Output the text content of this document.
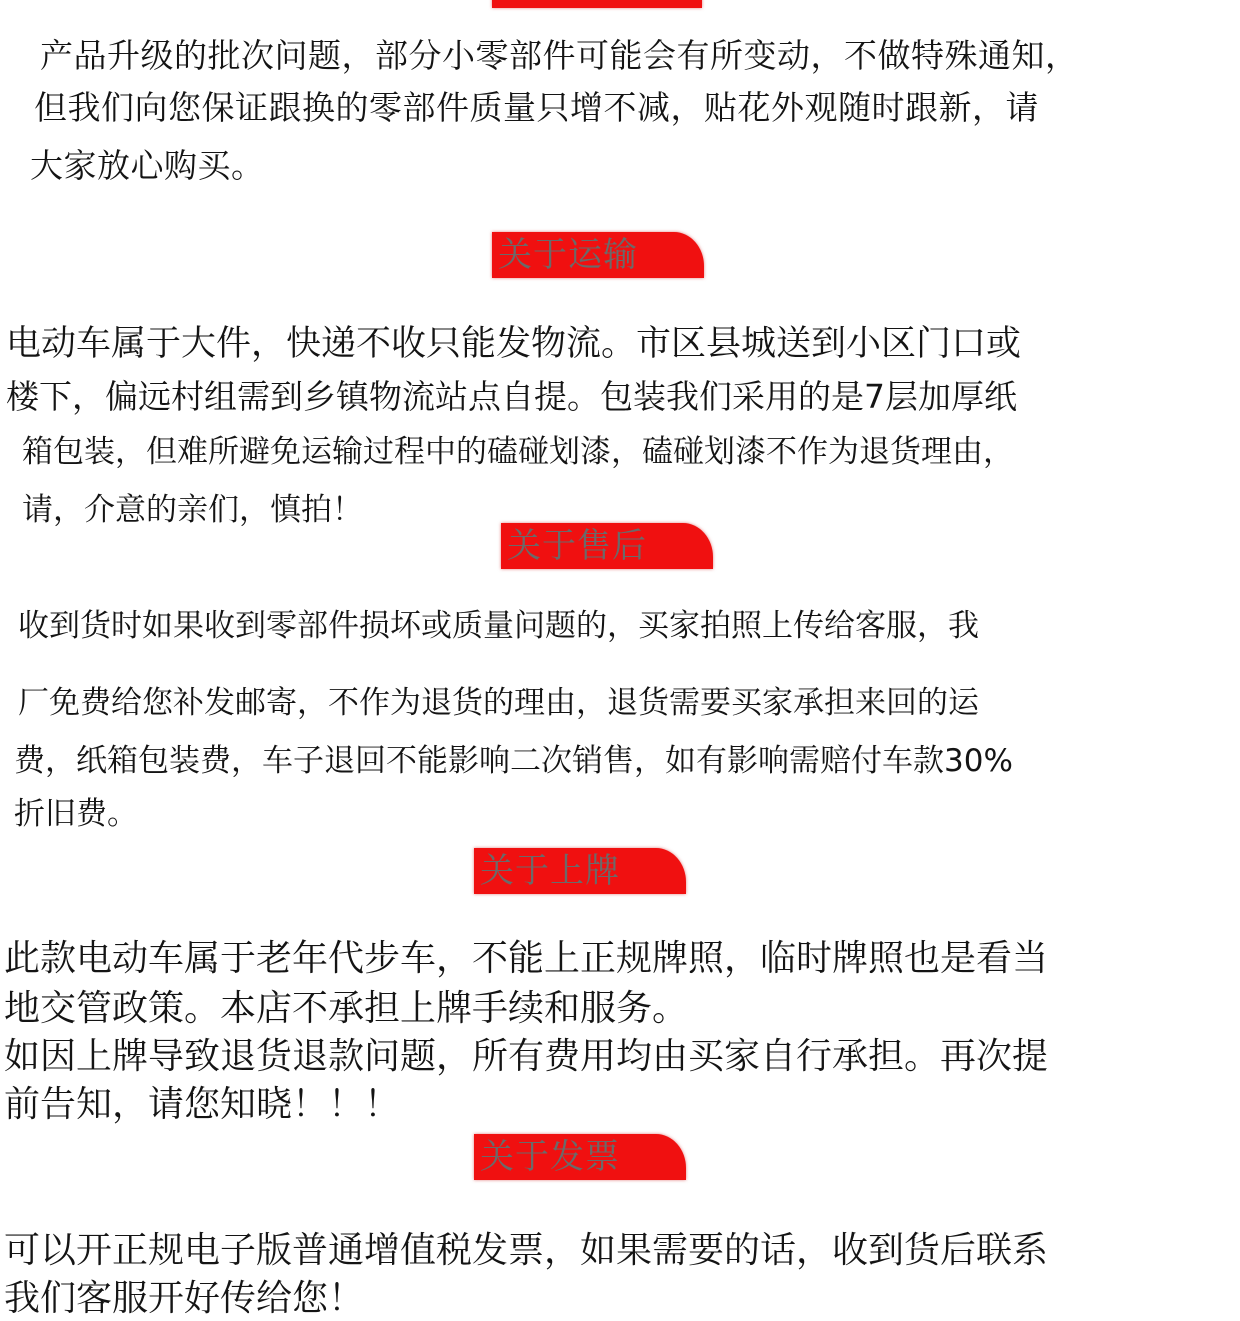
产品升级的批次问题，部分小零部件可能会有所变动，不做特殊通知，
但我们向您保证跟换的零部件质量只增不减，贴花外观随时跟新，请
大家放心购买。
关于运输
电动车属于大件，快递不收只能发物流。市区县城送到小区门口或
楼下，偏远村组需到乡镇物流站点自提。包装我们采用的是7层加厚纸
箱包装，但难所避免运输过程中的磕碰划漆，磕碰划漆不作为退货理由，
请，介意的亲们，慎拍！
关于售后
收到货时如果收到零部件损坏或质量问题的，买家拍照上传给客服，我
厂免费给您补发邮寄，不作为退货的理由，退货需要买家承担来回的运
费，纸箱包装费，车子退回不能影响二次销售，如有影响需赔付车款30%
折旧费。
关于上牌
此款电动车属于老年代步车，不能上正规牌照，临时牌照也是看当
地交管政策。本店不承担上牌手续和服务。
如因上牌导致退货退款问题，所有费用均由买家自行承担。再次提
前告知，请您知晓！！！
关于发票
可以开正规电子版普通增值税发票，如果需要的话，收到货后联系
我们客服开好传给您！
